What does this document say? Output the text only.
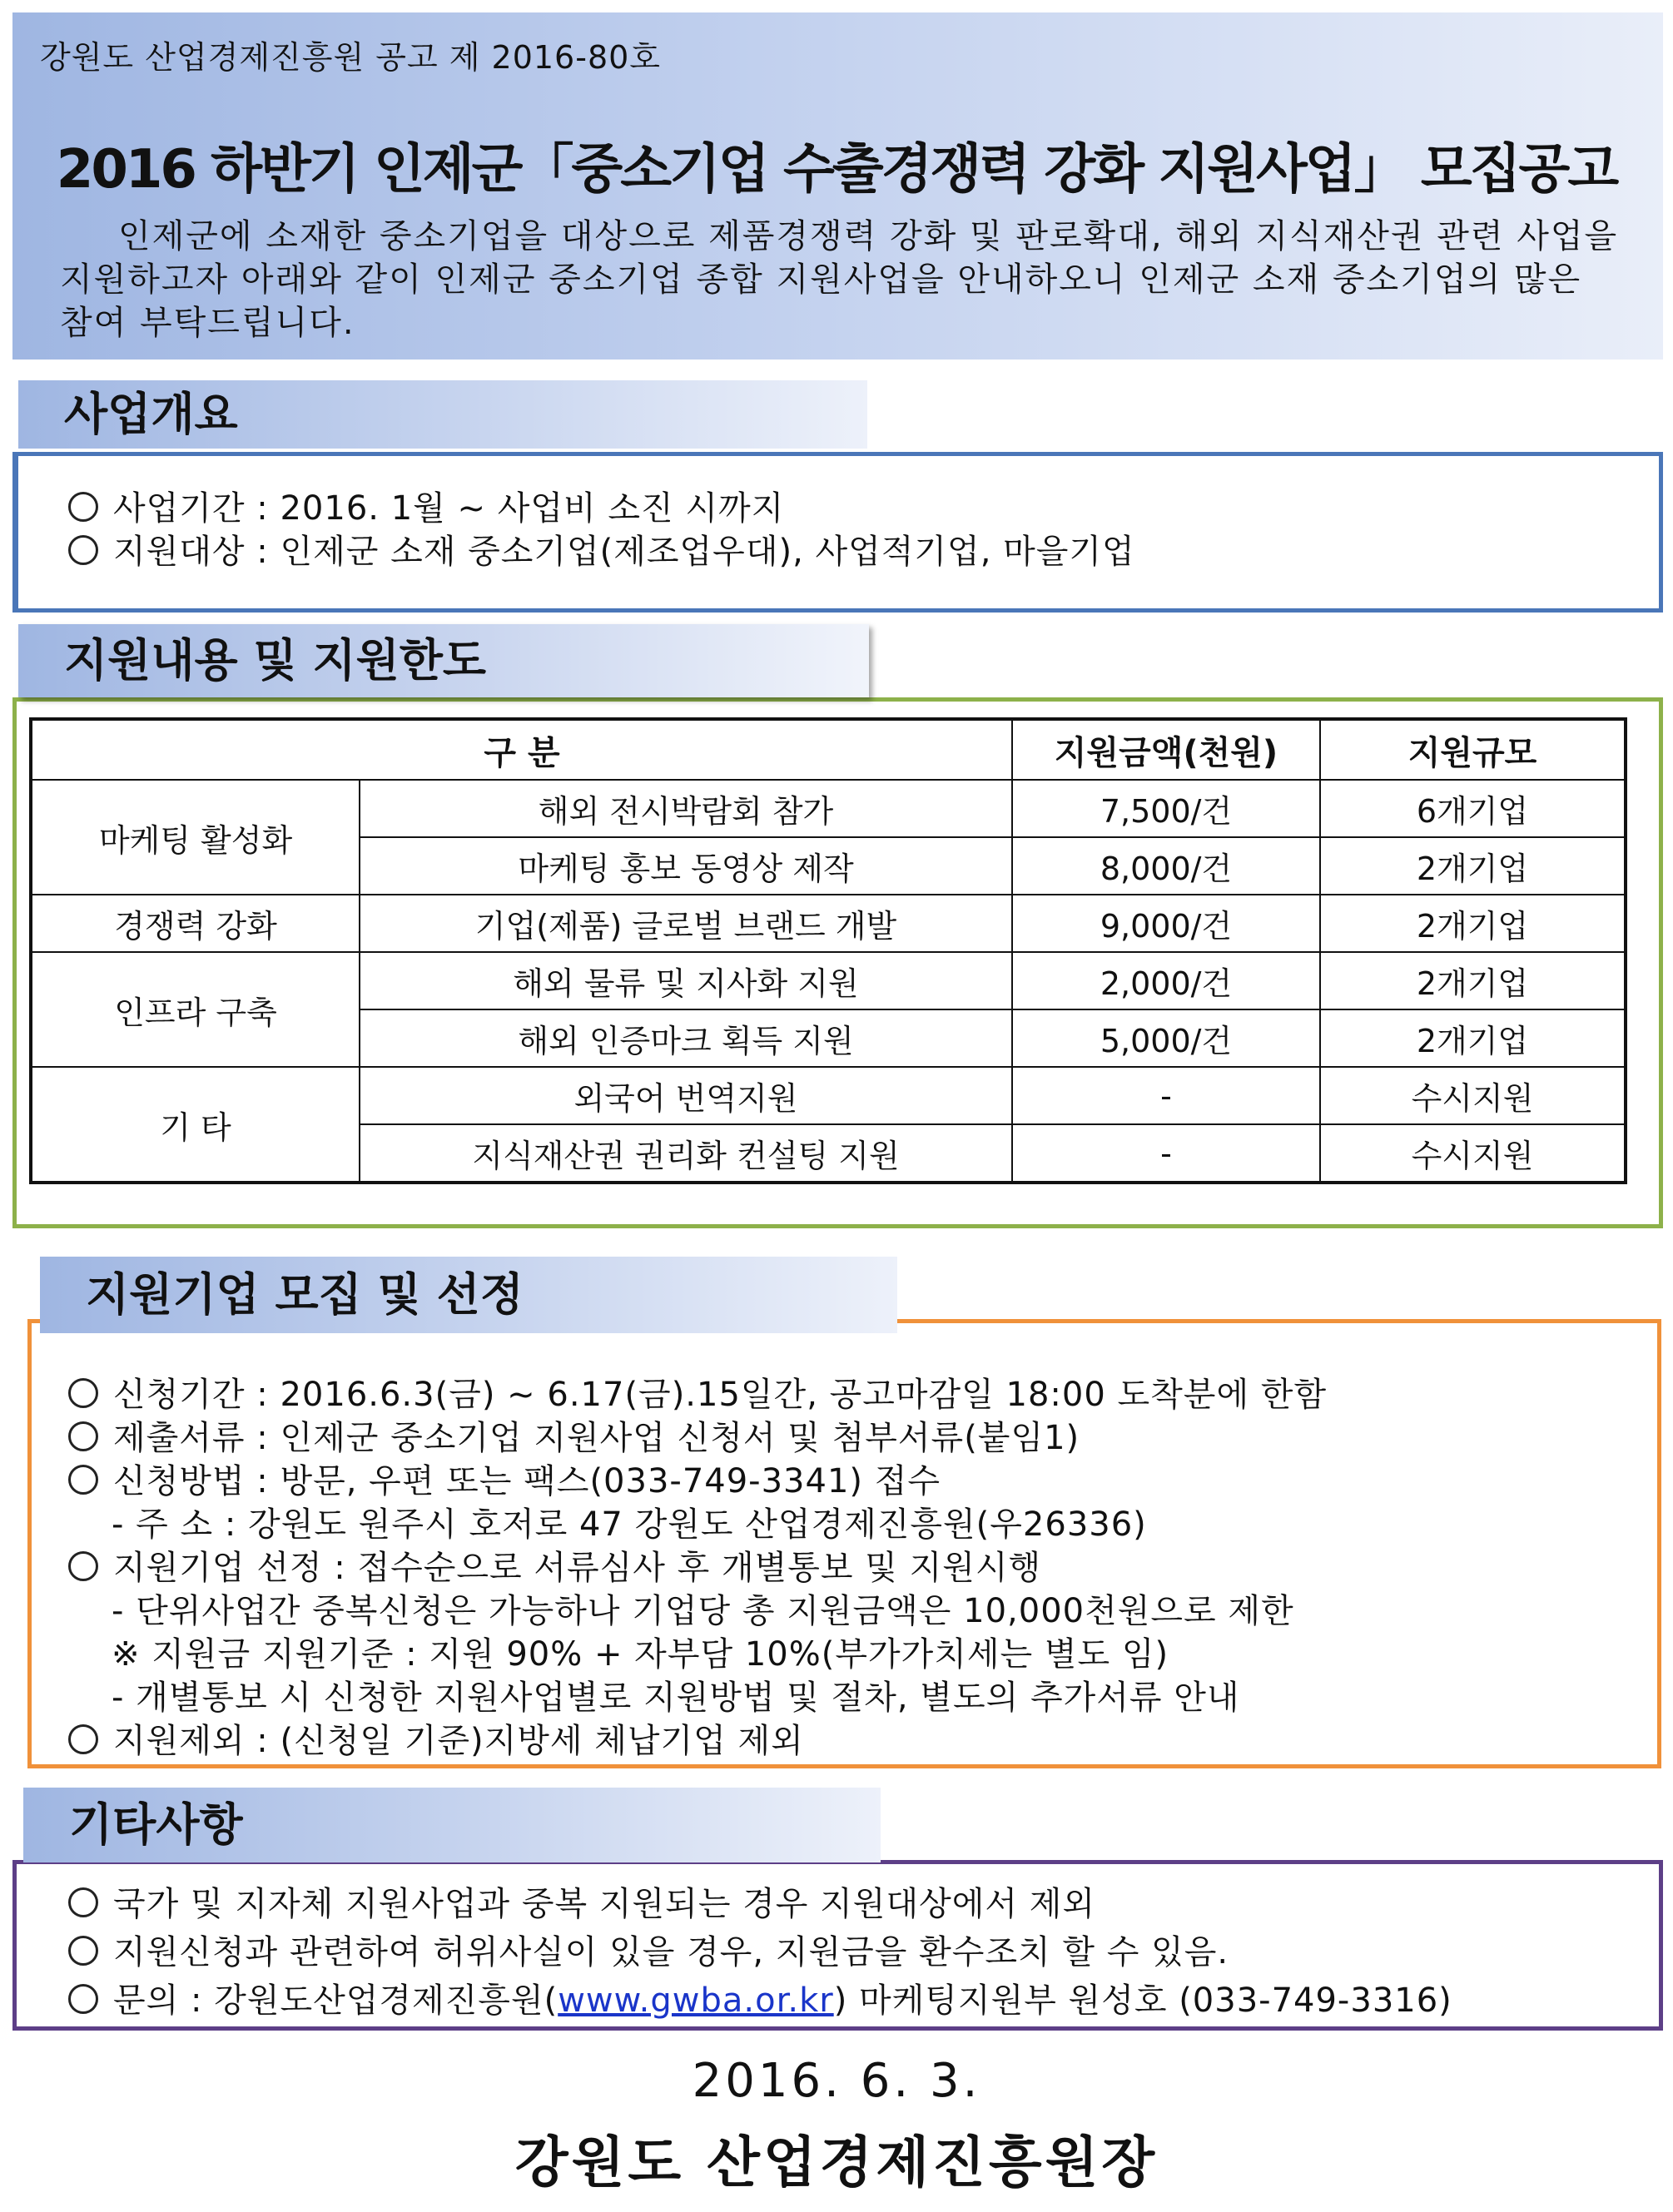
강원도 산업경제진흥원 공고 제 2016-80호
2016 하반기 인제군「중소기업 수출경쟁력 강화 지원사업」 모집공고
인제군에 소재한 중소기업을 대상으로 제품경쟁력 강화 및 판로확대, 해외 지식재산권 관련 사업을 지원하고자 아래와 같이 인제군 중소기업 종합 지원사업을 안내하오니 인제군 소재 중소기업의 많은 참여 부탁드립니다.
사업개요
사업기간 : 2016. 1월 ~ 사업비 소진 시까지
지원대상 : 인제군 소재 중소기업(제조업우대), 사업적기업, 마을기업
지원내용 및 지원한도
구 분		지원금액(천원)	지원규모
마케팅 활성화	해외 전시박람회 참가	7,500/건	6개기업
	마케팅 홍보 동영상 제작	8,000/건	2개기업
경쟁력 강화	기업(제품) 글로벌 브랜드 개발	9,000/건	2개기업
인프라 구축	해외 물류 및 지사화 지원	2,000/건	2개기업
	해외 인증마크 획득 지원	5,000/건	2개기업
기 타	외국어 번역지원	-	수시지원
	지식재산권 권리화 컨설팅 지원	-	수시지원
지원기업 모집 및 선정
신청기간 : 2016.6.3(금) ~ 6.17(금).15일간, 공고마감일 18:00 도착분에 한함
제출서류 : 인제군 중소기업 지원사업 신청서 및 첨부서류(붙임1)
신청방법 : 방문, 우편 또는 팩스(033-749-3341) 접수
- 주 소 : 강원도 원주시 호저로 47 강원도 산업경제진흥원(우26336)
지원기업 선정 : 접수순으로 서류심사 후 개별통보 및 지원시행
- 단위사업간 중복신청은 가능하나 기업당 총 지원금액은 10,000천원으로 제한
※ 지원금 지원기준 : 지원 90% + 자부담 10%(부가가치세는 별도 임)
- 개별통보 시 신청한 지원사업별로 지원방법 및 절차, 별도의 추가서류 안내
지원제외 : (신청일 기준)지방세 체납기업 제외
기타사항
국가 및 지자체 지원사업과 중복 지원되는 경우 지원대상에서 제외
지원신청과 관련하여 허위사실이 있을 경우, 지원금을 환수조치 할 수 있음.
문의 : 강원도산업경제진흥원(www.gwba.or.kr) 마케팅지원부 원성호 (033-749-3316)
2016. 6. 3.
강원도 산업경제진흥원장
